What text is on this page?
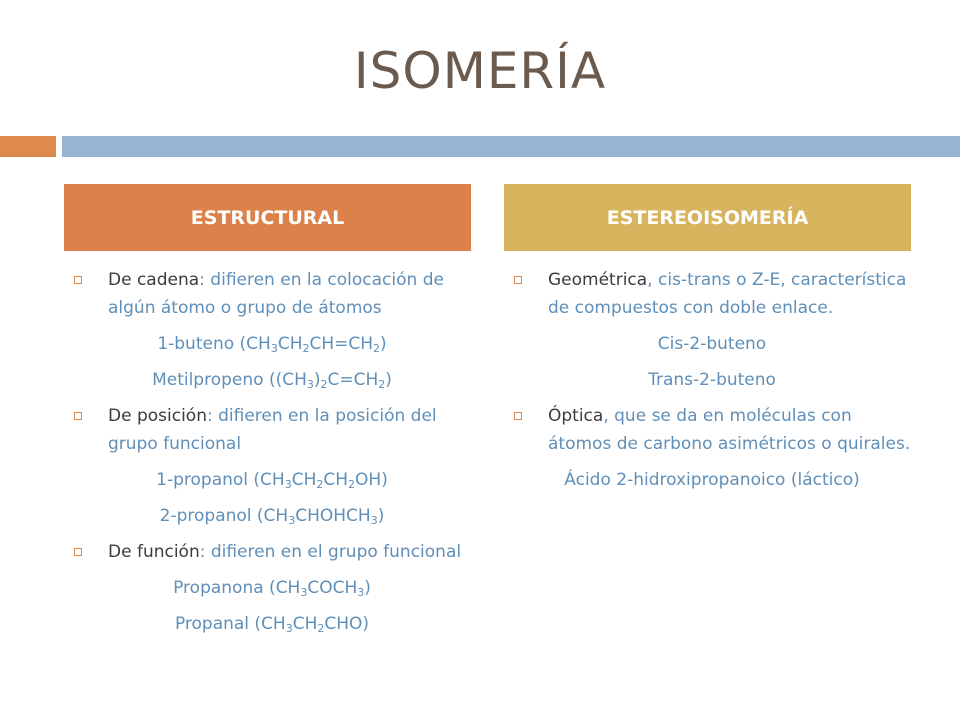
ISOMERÍA
ESTRUCTURAL	ESTEREOISOMERÍA
De cadena: difieren en la colocación de algún átomo o grupo de átomos
1-buteno $(CH_3CH_2CH=CH_2)$
Metilpropeno $((CH_3)_2C=CH_2)$
De posición: difieren en la posición del grupo funcional
1-propanol $(CH_3CH_2CH_2OH)$
2-propanol $(CH_3CHOHCH_3)$
De función: difieren en el grupo funcional
Propanona $(CH_3COCH_3)$
Propanal $(CH_3CH_2CHO)$
Geométrica, cis-trans o Z-E, característica de compuestos con doble enlace.
Cis-2-buteno
Trans-2-buteno
Óptica, que se da en moléculas con átomos de carbono asimétricos o quirales.
Ácido 2-hidroxipropanoico (láctico)
